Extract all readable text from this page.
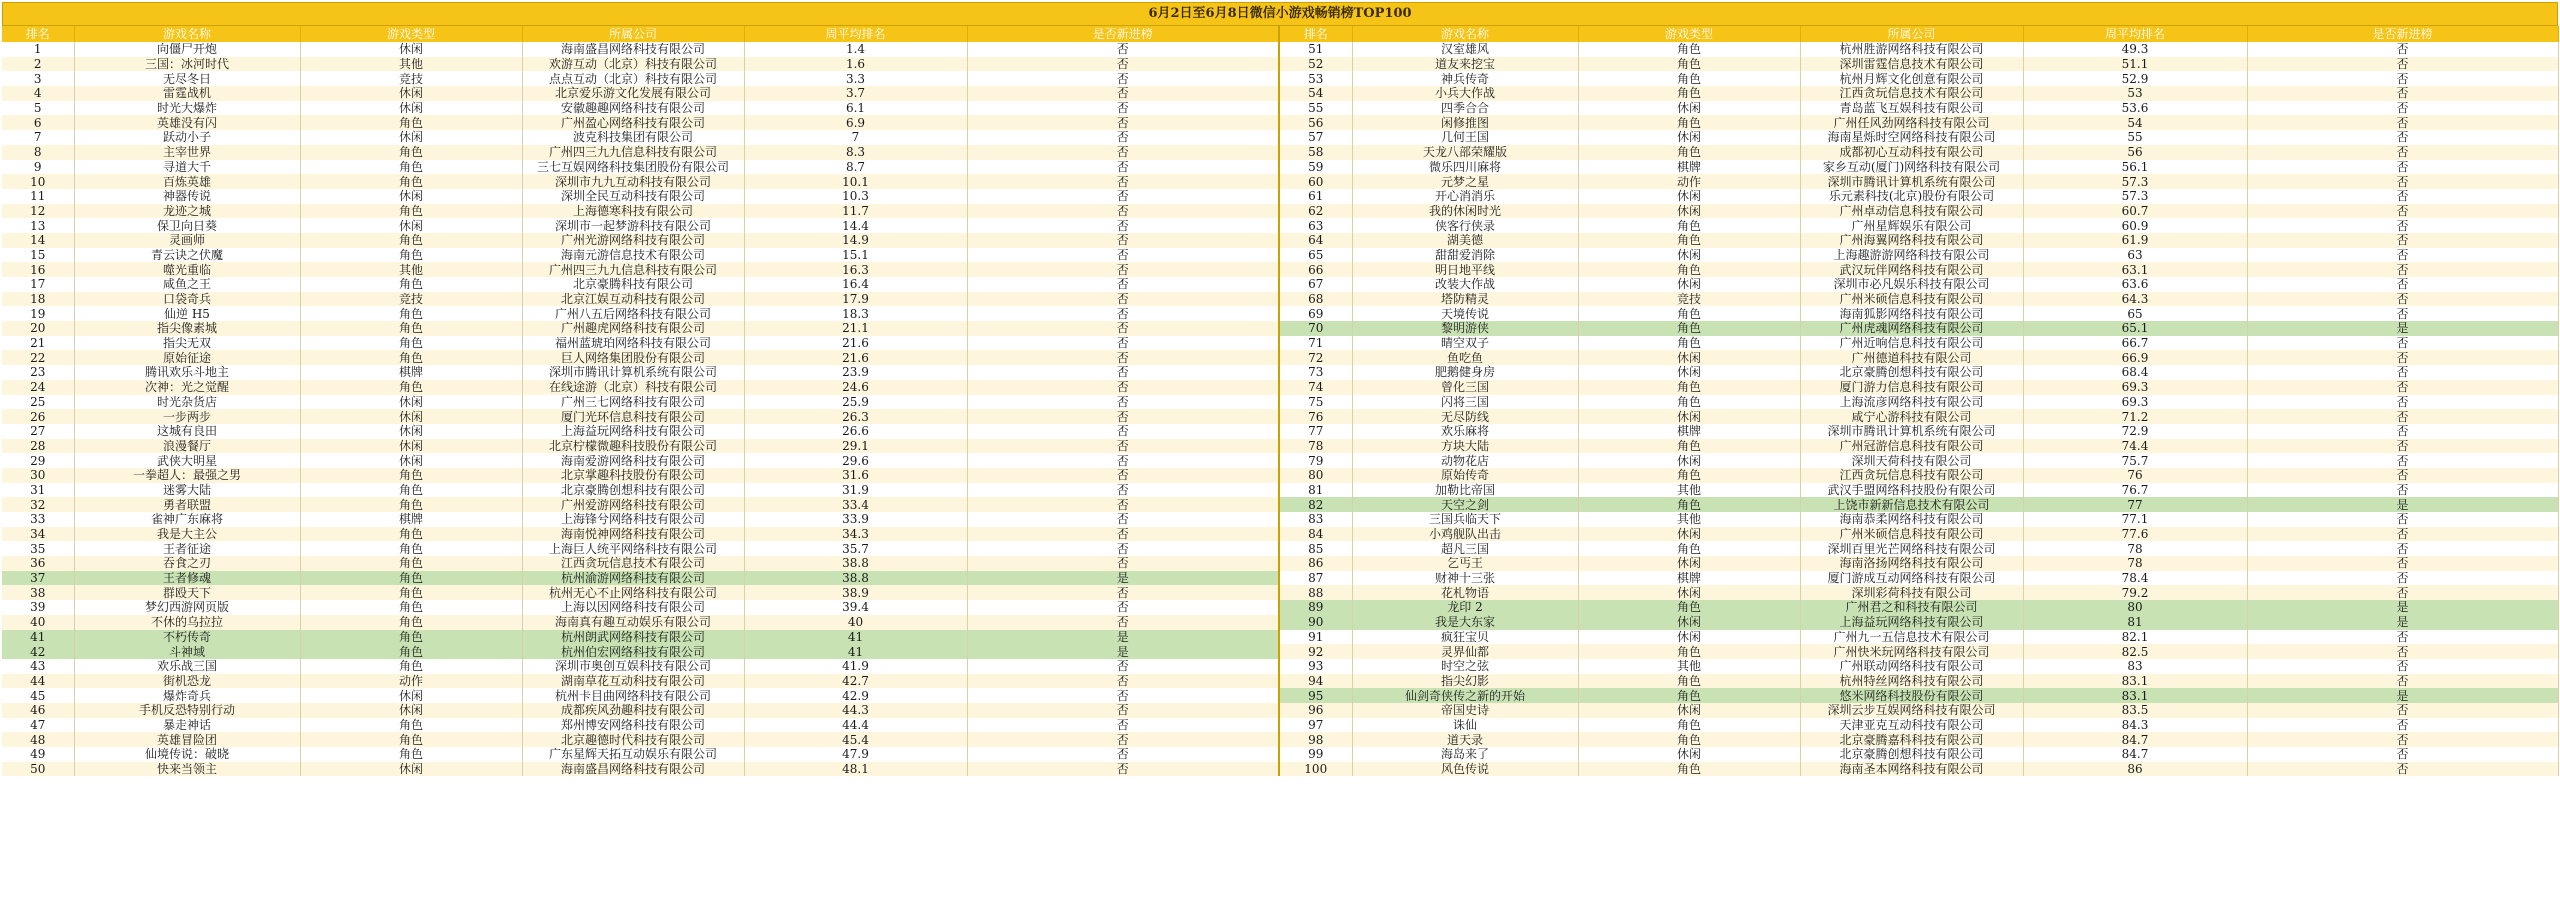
6月2日至6月8日微信小游戏畅销榜TOP100
排名	游戏名称	游戏类型	所属公司	周平均排名	是否新进榜	排名	游戏名称	游戏类型	所属公司	周平均排名	是否新进榜
1	向僵尸开炮	休闲	海南盛昌网络科技有限公司	1.4	否	51	汉室雄风	角色	杭州胜游网络科技有限公司	49.3	否
2	三国：冰河时代	其他	欢游互动（北京）科技有限公司	1.6	否	52	道友来挖宝	角色	深圳雷霆信息技术有限公司	51.1	否
3	无尽冬日	竞技	点点互动（北京）科技有限公司	3.3	否	53	神兵传奇	角色	杭州月辉文化创意有限公司	52.9	否
4	雷霆战机	休闲	北京爱乐游文化发展有限公司	3.7	否	54	小兵大作战	角色	江西贪玩信息技术有限公司	53	否
5	时光大爆炸	休闲	安徽趣趣网络科技有限公司	6.1	否	55	四季合合	休闲	青岛蓝飞互娱科技有限公司	53.6	否
6	英雄没有闪	角色	广州盈心网络科技有限公司	6.9	否	56	闲修推图	角色	广州任风劲网络科技有限公司	54	否
7	跃动小子	休闲	波克科技集团有限公司	7	否	57	几何王国	休闲	海南星烁时空网络科技有限公司	55	否
8	主宰世界	角色	广州四三九九信息科技有限公司	8.3	否	58	天龙八部荣耀版	角色	成都初心互动科技有限公司	56	否
9	寻道大千	角色	三七互娱网络科技集团股份有限公司	8.7	否	59	微乐四川麻将	棋牌	家乡互动(厦门)网络科技有限公司	56.1	否
10	百炼英雄	角色	深圳市九九互动科技有限公司	10.1	否	60	元梦之星	动作	深圳市腾讯计算机系统有限公司	57.3	否
11	神器传说	休闲	深圳全民互动科技有限公司	10.3	否	61	开心消消乐	休闲	乐元素科技(北京)股份有限公司	57.3	否
12	龙迹之城	角色	上海德寒科技有限公司	11.7	否	62	我的休闲时光	休闲	广州卓动信息科技有限公司	60.7	否
13	保卫向日葵	休闲	深圳市一起梦游科技有限公司	14.4	否	63	侠客行侠录	角色	广州星辉娱乐有限公司	60.9	否
14	灵画师	角色	广州光游网络科技有限公司	14.9	否	64	湖美德	角色	广州海翼网络科技有限公司	61.9	否
15	青云诀之伏魔	角色	海南元游信息技术有限公司	15.1	否	65	甜甜爱消除	休闲	上海趣游游网络科技有限公司	63	否
16	噬光重临	其他	广州四三九九信息科技有限公司	16.3	否	66	明日地平线	角色	武汉玩伴网络科技有限公司	63.1	否
17	咸鱼之王	角色	北京豪腾科技有限公司	16.4	否	67	改装大作战	休闲	深圳市必凡娱乐科技有限公司	63.6	否
18	口袋奇兵	竞技	北京江娱互动科技有限公司	17.9	否	68	塔防精灵	竞技	广州米硕信息科技有限公司	64.3	否
19	仙逆 H5	角色	广州八五后网络科技有限公司	18.3	否	69	天境传说	角色	海南狐影网络科技有限公司	65	否
20	指尖像素城	角色	广州趣虎网络科技有限公司	21.1	否	70	黎明游侠	角色	广州虎魂网络科技有限公司	65.1	是
21	指尖无双	角色	福州蓝琥珀网络科技有限公司	21.6	否	71	晴空双子	角色	广州近响信息科技有限公司	66.7	否
22	原始征途	角色	巨人网络集团股份有限公司	21.6	否	72	鱼吃鱼	休闲	广州德道科技有限公司	66.9	否
23	腾讯欢乐斗地主	棋牌	深圳市腾讯计算机系统有限公司	23.9	否	73	肥鹅健身房	休闲	北京豪腾创想科技有限公司	68.4	否
24	次神：光之觉醒	角色	在线途游（北京）科技有限公司	24.6	否	74	曾化三国	角色	厦门游力信息科技有限公司	69.3	否
25	时光杂货店	休闲	广州三七网络科技有限公司	25.9	否	75	闪将三国	角色	上海流彦网络科技有限公司	69.3	否
26	一步两步	休闲	厦门光环信息科技有限公司	26.3	否	76	无尽防线	休闲	咸宁心游科技有限公司	71.2	否
27	这城有良田	休闲	上海益玩网络科技有限公司	26.6	否	77	欢乐麻将	棋牌	深圳市腾讯计算机系统有限公司	72.9	否
28	浪漫餐厅	休闲	北京柠檬微趣科技股份有限公司	29.1	否	78	方块大陆	角色	广州冠游信息科技有限公司	74.4	否
29	武侠大明星	休闲	海南爱游网络科技有限公司	29.6	否	79	动物花店	休闲	深圳天荷科技有限公司	75.7	否
30	一拳超人：最强之男	角色	北京掌趣科技股份有限公司	31.6	否	80	原始传奇	角色	江西贪玩信息科技有限公司	76	否
31	迷雾大陆	角色	北京豪腾创想科技有限公司	31.9	否	81	加勒比帝国	其他	武汉手盟网络科技股份有限公司	76.7	否
32	勇者联盟	角色	广州爱游网络科技有限公司	33.4	否	82	天空之剑	角色	上饶市新新信息技术有限公司	77	是
33	雀神广东麻将	棋牌	上海锋兮网络科技有限公司	33.9	否	83	三国兵临天下	其他	海南恭柔网络科技有限公司	77.1	否
34	我是大主公	角色	海南悦神网络科技有限公司	34.3	否	84	小鸡舰队出击	休闲	广州米硕信息科技有限公司	77.6	否
35	王者征途	角色	上海巨人统平网络科技有限公司	35.7	否	85	超凡三国	角色	深圳百里光芒网络科技有限公司	78	否
36	吞食之刃	角色	江西贪玩信息技术有限公司	38.8	否	86	乞丐王	休闲	海南洛扬网络科技有限公司	78	否
37	王者修魂	角色	杭州渝游网络科技有限公司	38.8	是	87	财神十三张	棋牌	厦门游成互动网络科技有限公司	78.4	否
38	群殴天下	角色	杭州无心不止网络科技有限公司	38.9	否	88	花札物语	休闲	深圳彩荷科技有限公司	79.2	否
39	梦幻西游网页版	角色	上海以因网络科技有限公司	39.4	否	89	龙印 2	角色	广州君之和科技有限公司	80	是
40	不休的乌拉拉	角色	海南真有趣互动娱乐有限公司	40	否	90	我是大东家	休闲	上海益玩网络科技有限公司	81	是
41	不朽传奇	角色	杭州朗武网络科技有限公司	41	是	91	疯狂宝贝	休闲	广州九一五信息技术有限公司	82.1	否
42	斗神域	角色	杭州伯宏网络科技有限公司	41	是	92	灵界仙都	角色	广州快米玩网络科技有限公司	82.5	否
43	欢乐战三国	角色	深圳市奥创互娱科技有限公司	41.9	否	93	时空之弦	其他	广州联动网络科技有限公司	83	否
44	街机恐龙	动作	湖南草花互动科技有限公司	42.7	否	94	指尖幻影	角色	杭州特丝网络科技有限公司	83.1	否
45	爆炸奇兵	休闲	杭州卡目曲网络科技有限公司	42.9	否	95	仙剑奇侠传之新的开始	角色	悠米网络科技股份有限公司	83.1	是
46	手机反恐特别行动	休闲	成都疾风劲趣科技有限公司	44.3	否	96	帝国史诗	休闲	深圳云步互娱网络科技有限公司	83.5	否
47	暴走神话	角色	郑州博安网络科技有限公司	44.4	否	97	诛仙	角色	天津亚克互动科技有限公司	84.3	否
48	英雄冒险团	角色	北京趣德时代科技有限公司	45.4	否	98	道天录	角色	北京豪腾嘉科科技有限公司	84.7	否
49	仙境传说：破晓	角色	广东星辉天拓互动娱乐有限公司	47.9	否	99	海岛来了	休闲	北京豪腾创想科技有限公司	84.7	否
50	快来当领主	休闲	海南盛昌网络科技有限公司	48.1	否	100	风色传说	角色	海南圣本网络科技有限公司	86	否
